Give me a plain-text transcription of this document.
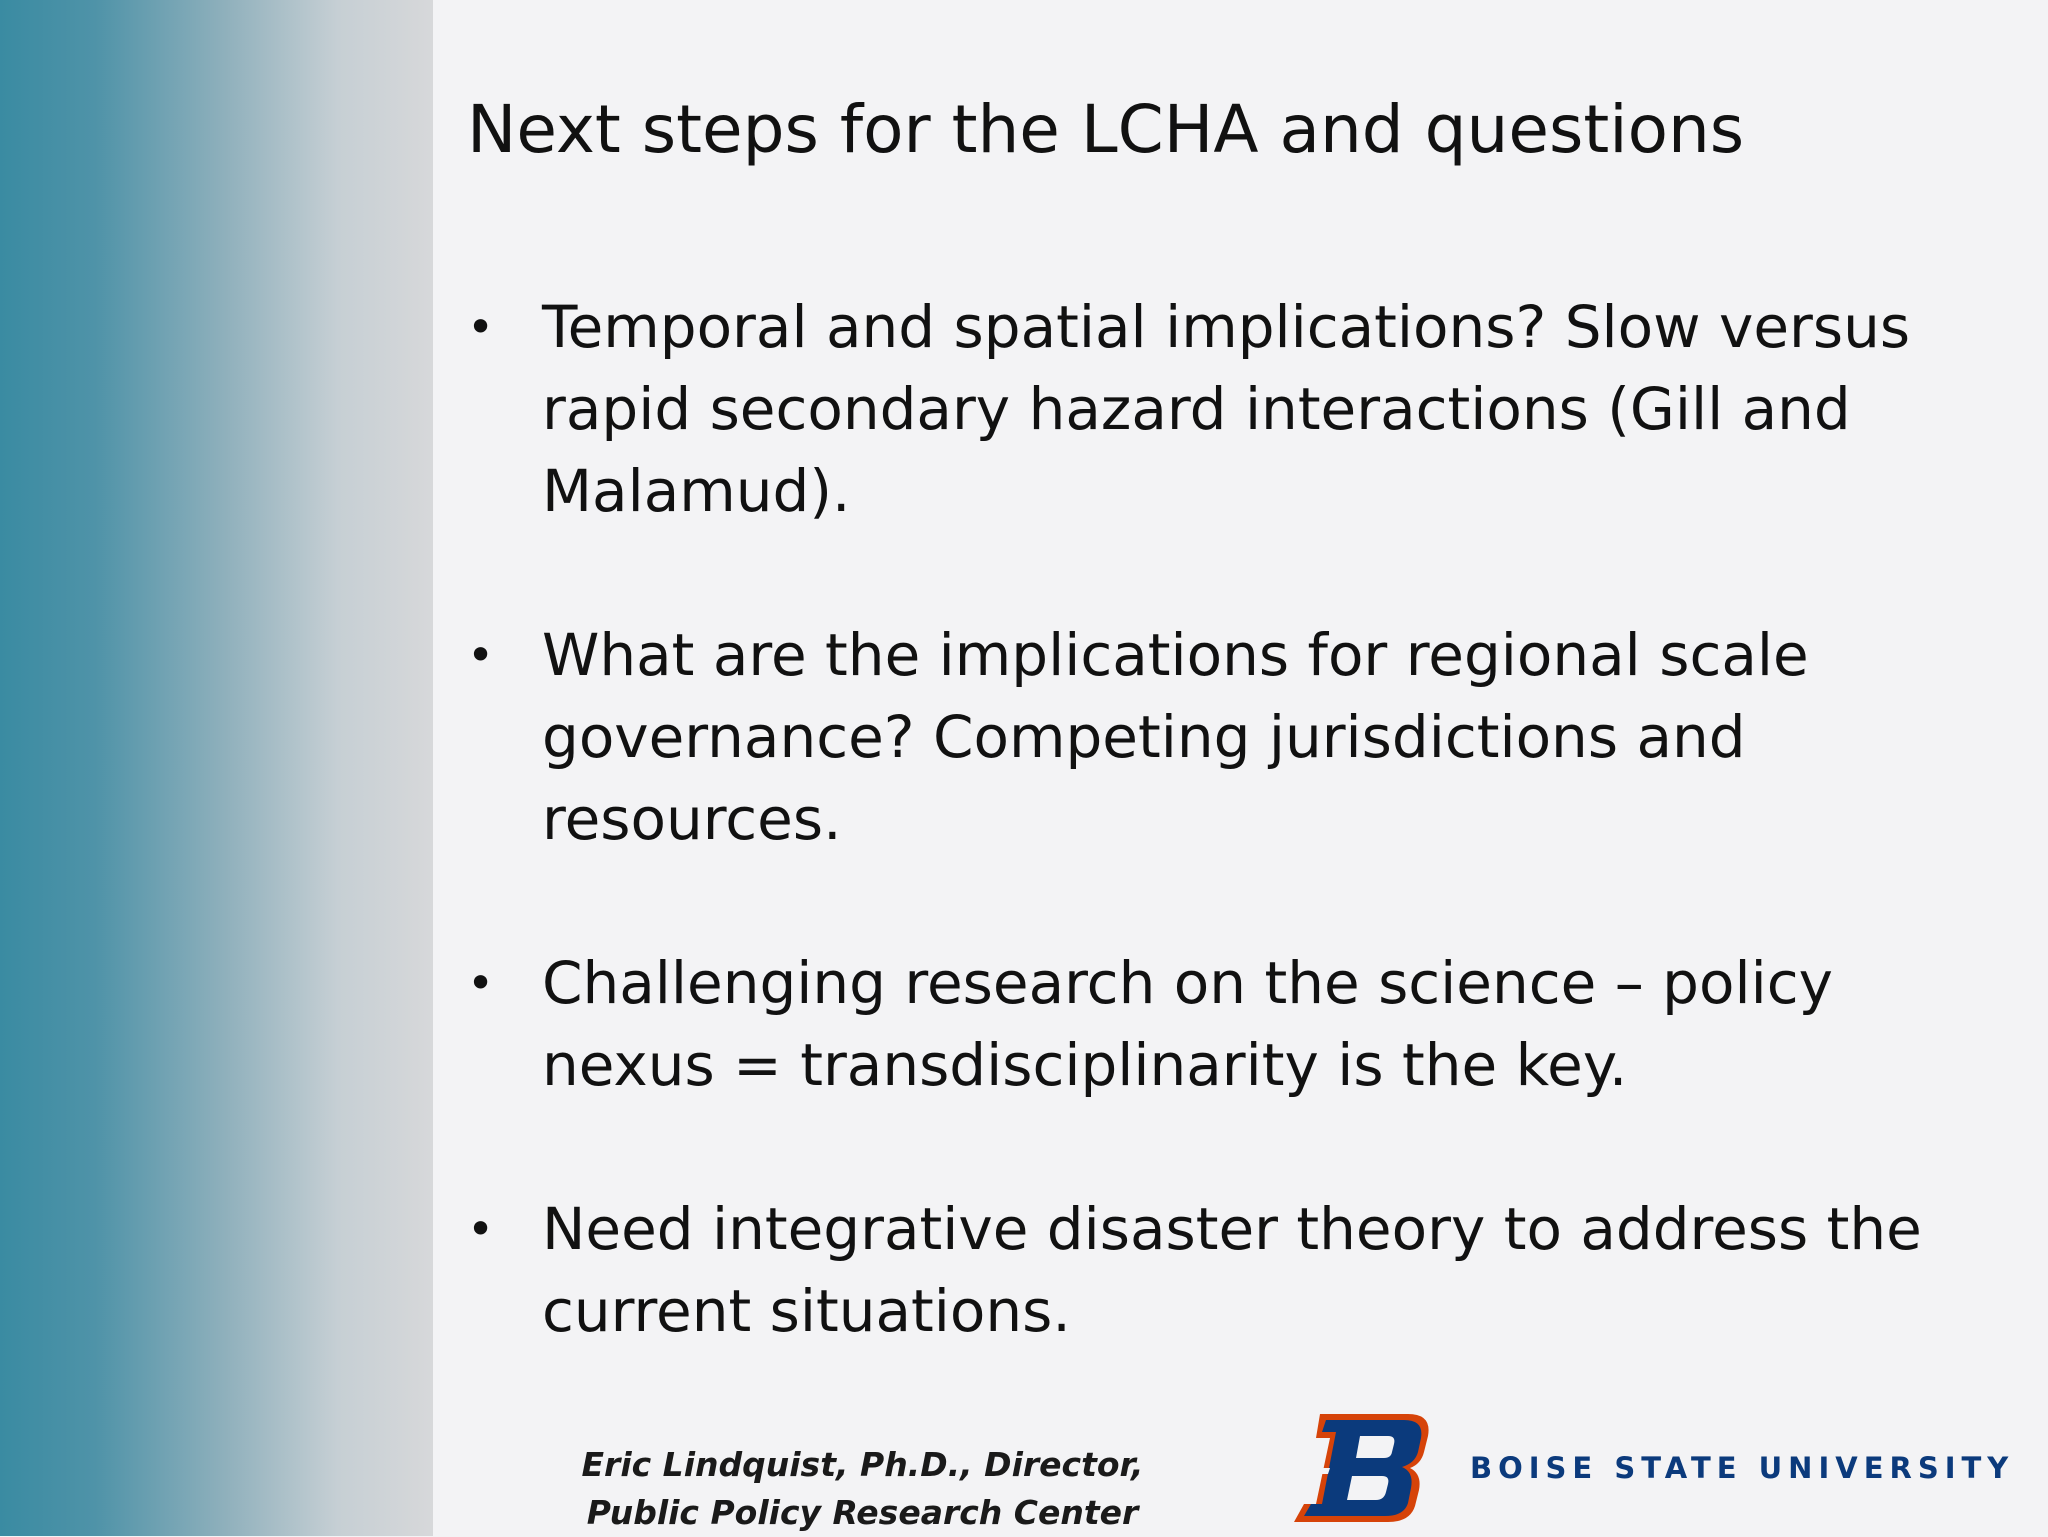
Next steps for the LCHA and questions
• Temporal and spatial implications? Slow versus
rapid secondary hazard interactions (Gill and
Malamud).
• What are the implications for regional scale
governance? Competing jurisdictions and
resources.
• Challenging research on the science – policy
nexus = transdisciplinarity is the key.
• Need integrative disaster theory to address the
current situations.
Eric Lindquist, Ph.D., Director,
Public Policy Research Center
BOISE STATE UNIVERSITY
